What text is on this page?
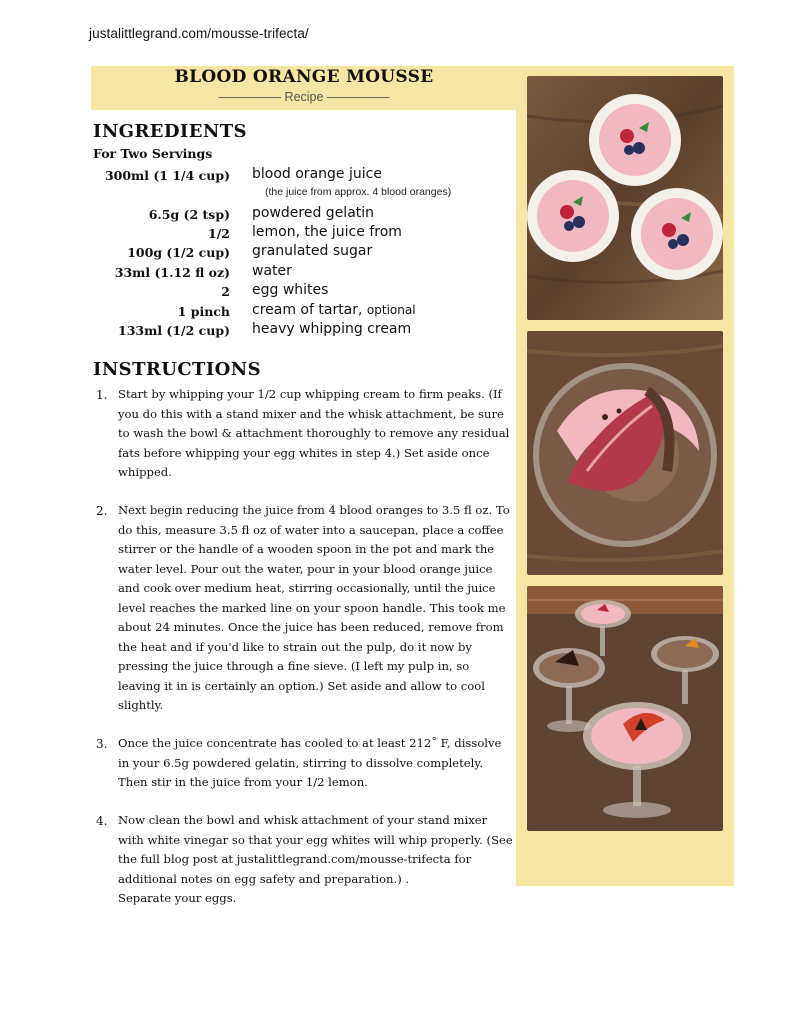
justalittlegrand.com/mousse-trifecta/
BLOOD ORANGE MOUSSE
————— Recipe —————
INGREDIENTS
For Two Servings
300ml (1 1/4 cup) blood orange juice
(the juice from approx. 4 blood oranges)
6.5g (2 tsp) powdered gelatin
1/2 lemon, the juice from
100g (1/2 cup) granulated sugar
33ml (1.12 fl oz) water
2 egg whites
1 pinch cream of tartar, optional
133ml (1/2 cup) heavy whipping cream
INSTRUCTIONS
1. Start by whipping your 1/2 cup whipping cream to firm peaks. (If you do this with a stand mixer and the whisk attachment, be sure to wash the bowl & attachment thoroughly to remove any residual fats before whipping your egg whites in step 4.) Set aside once whipped.
2. Next begin reducing the juice from 4 blood oranges to 3.5 fl oz. To do this, measure 3.5 fl oz of water into a saucepan, place a coffee stirrer or the handle of a wooden spoon in the pot and mark the water level. Pour out the water, pour in your blood orange juice and cook over medium heat, stirring occasionally, until the juice level reaches the marked line on your spoon handle. This took me about 24 minutes. Once the juice has been reduced, remove from the heat and if you'd like to strain out the pulp, do it now by pressing the juice through a fine sieve. (I left my pulp in, so leaving it in is certainly an option.) Set aside and allow to cool slightly.
3. Once the juice concentrate has cooled to at least 212˚ F, dissolve in your 6.5g powdered gelatin, stirring to dissolve completely. Then stir in the juice from your 1/2 lemon.
4. Now clean the bowl and whisk attachment of your stand mixer with white vinegar so that your egg whites will whip properly. (See the full blog post at justalittlegrand.com/mousse-trifecta for additional notes on egg safety and preparation.) .
Separate your eggs.
